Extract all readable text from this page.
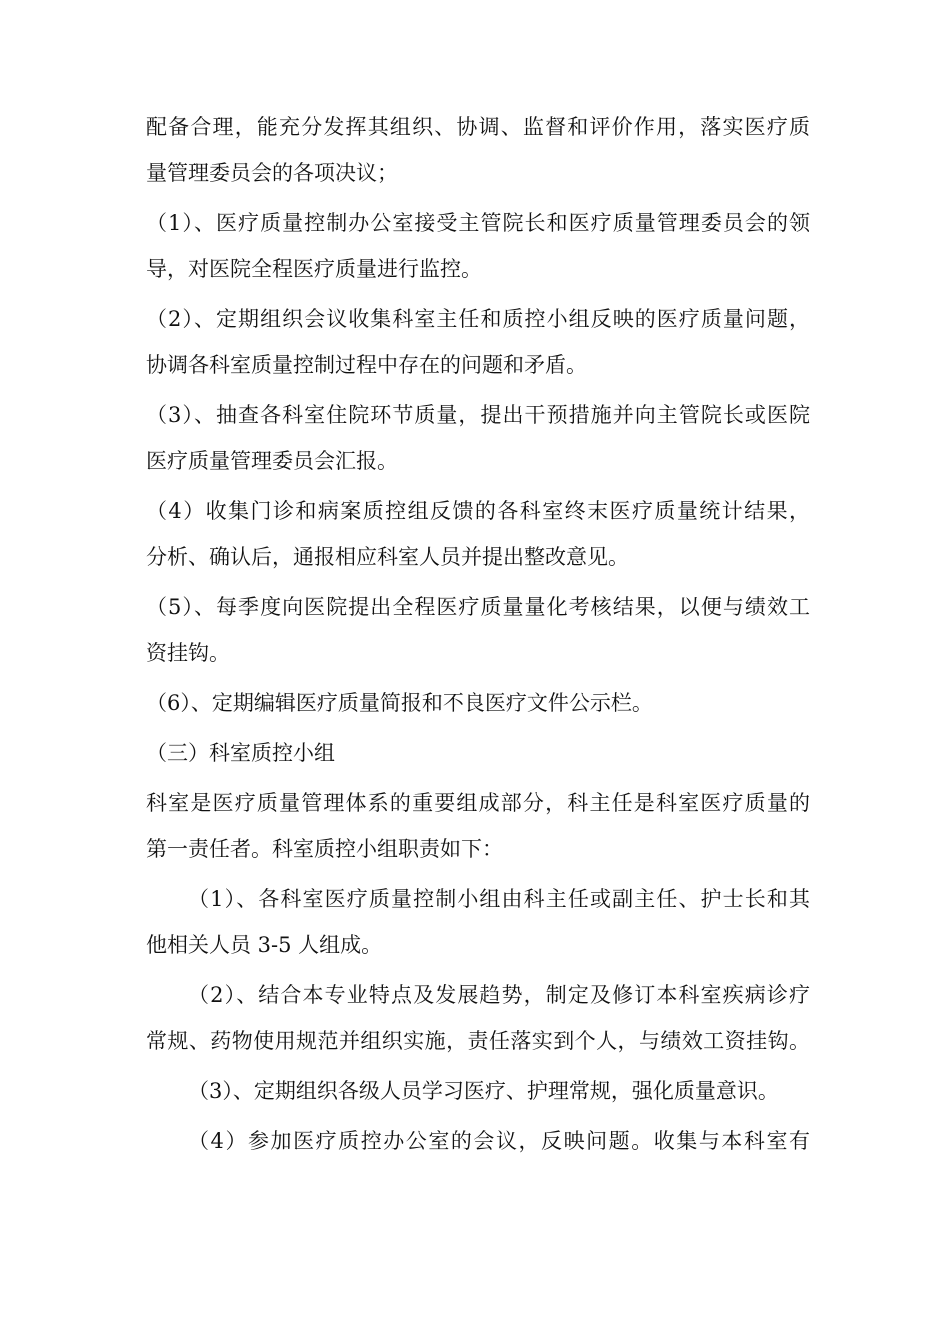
配备合理，能充分发挥其组织、协调、监督和评价作用，落实医疗质
量管理委员会的各项决议；
（1）、医疗质量控制办公室接受主管院长和医疗质量管理委员会的领
导，对医院全程医疗质量进行监控。
（2）、定期组织会议收集科室主任和质控小组反映的医疗质量问题，
协调各科室质量控制过程中存在的问题和矛盾。
（3）、抽查各科室住院环节质量，提出干预措施并向主管院长或医院
医疗质量管理委员会汇报。
（4）收集门诊和病案质控组反馈的各科室终末医疗质量统计结果，
分析、确认后，通报相应科室人员并提出整改意见。
（5）、每季度向医院提出全程医疗质量量化考核结果，以便与绩效工
资挂钩。
（6）、定期编辑医疗质量简报和不良医疗文件公示栏。
（三）科室质控小组
科室是医疗质量管理体系的重要组成部分，科主任是科室医疗质量的
第一责任者。科室质控小组职责如下：
（1）、各科室医疗质量控制小组由科主任或副主任、护士长和其
他相关人员 3-5 人组成。
（2）、结合本专业特点及发展趋势，制定及修订本科室疾病诊疗
常规、药物使用规范并组织实施，责任落实到个人，与绩效工资挂钩。
（3）、定期组织各级人员学习医疗、护理常规，强化质量意识。
（4）参加医疗质控办公室的会议，反映问题。收集与本科室有
